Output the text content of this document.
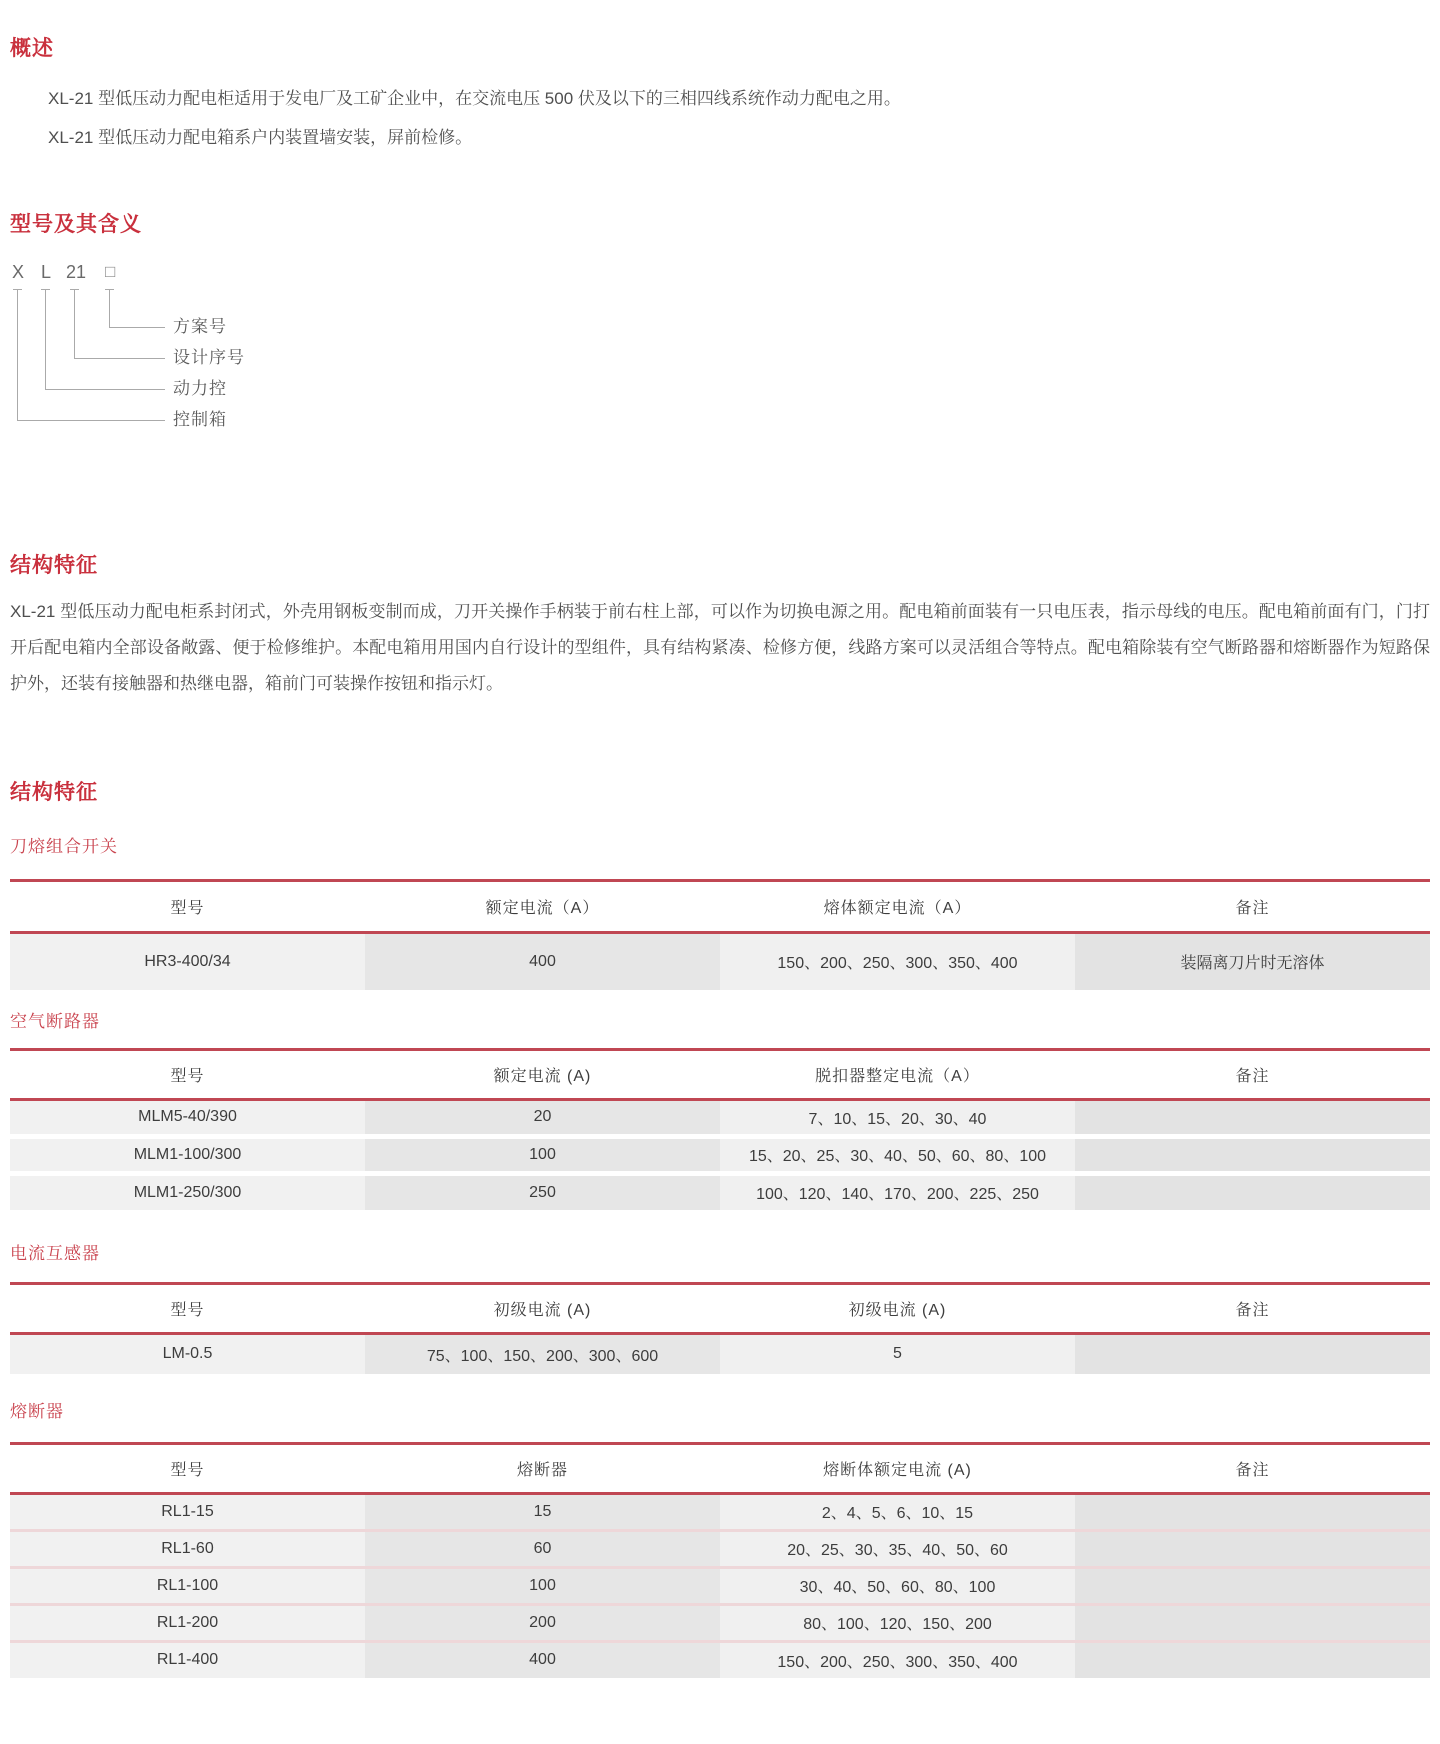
概述

XL-21 型低压动力配电柜适用于发电厂及工矿企业中，在交流电压 500 伏及以下的三相四线系统作动力配电之用。

XL-21 型低压动力配电箱系户内装置墙安装，屏前检修。

型号及其含义
X L 21 □
方案号
设计序号
动力控
控制箱
结构特征

XL-21 型低压动力配电柜系封闭式，外壳用钢板变制而成，刀开关操作手柄装于前右柱上部，可以作为切换电源之用。配电箱前面装有一只电压表，指示母线的电压。配电箱前面有门，门打开后配电箱内全部设备敞露、便于检修维护。本配电箱用用国内自行设计的型组件，具有结构紧凑、检修方便，线路方案可以灵活组合等特点。配电箱除装有空气断路器和熔断器作为短路保护外，还装有接触器和热继电器，箱前门可装操作按钮和指示灯。

结构特征
刀熔组合开关
型号	额定电流（A）	熔体额定电流（A）	备注
HR3-400/34	400	150、200、250、300、350、400	装隔离刀片时无溶体
空气断路器
型号	额定电流 (A)	脱扣器整定电流（A）	备注
MLM5-40/390	20	7、10、15、20、30、40	
MLM1-100/300	100	15、20、25、30、40、50、60、80、100	
MLM1-250/300	250	100、120、140、170、200、225、250	
电流互感器
型号	初级电流 (A)	初级电流 (A)	备注
LM-0.5	75、100、150、200、300、600	5	
熔断器
型号	熔断器	熔断体额定电流 (A)	备注
RL1-15	15	2、4、5、6、10、15	
RL1-60	60	20、25、30、35、40、50、60	
RL1-100	100	30、40、50、60、80、100	
RL1-200	200	80、100、120、150、200	
RL1-400	400	150、200、250、300、350、400	
